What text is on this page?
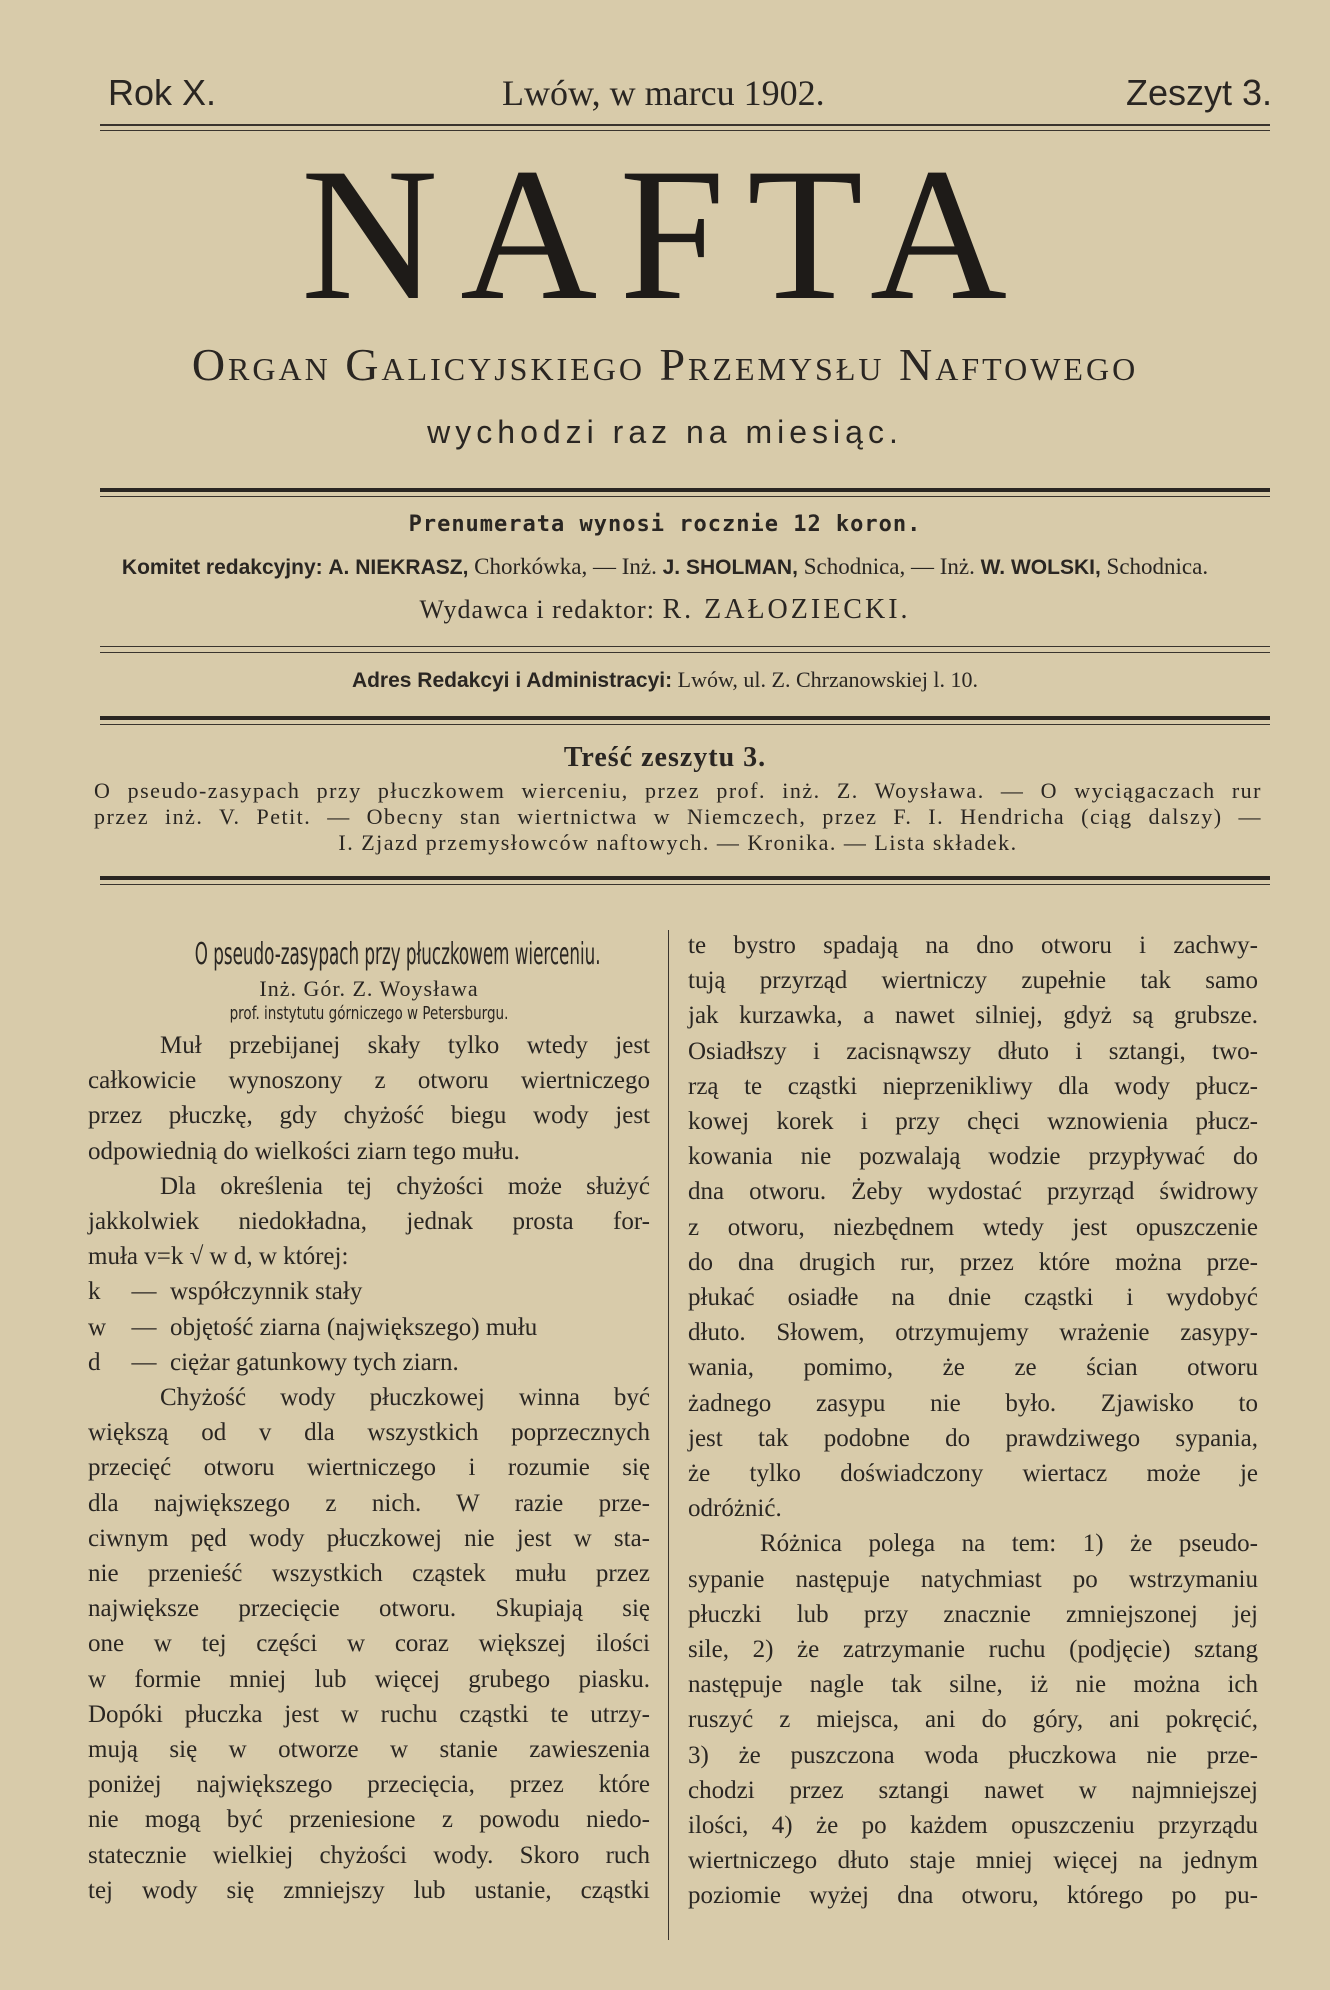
Rok X.	Lwów, w marcu 1902.	Zeszyt 3.
NAFTA
Organ Galicyjskiego Przemysłu Naftowego
wychodzi raz na miesiąc.
Prenumerata wynosi rocznie 12 koron.
Komitet redakcyjny: A. NIEKRASZ, Chorkówka, — Inż. J. SHOLMAN, Schodnica, — Inż. W. WOLSKI, Schodnica.
Wydawca i redaktor: R. ZAŁOZIECKI.
Adres Redakcyi i Administracyi: Lwów, ul. Z. Chrzanowskiej l. 10.
Treść zeszytu 3.
O pseudo-zasypach przy płuczkowem wierceniu, przez prof. inż. Z. Woysława. — O wyciągaczach rur
przez inż. V. Petit. — Obecny stan wiertnictwa w Niemczech, przez F. I. Hendricha (ciąg dalszy) —
I. Zjazd przemysłowców naftowych. — Kronika. — Lista składek.
O pseudo-zasypach przy płuczkowem wierceniu.
Inż. Gór. Z. Woysława
prof. instytutu górniczego w Petersburgu.
Muł przebijanej skały tylko wtedy jest
całkowicie wynoszony z otworu wiertniczego
przez płuczkę, gdy chyżość biegu wody jest
odpowiednią do wielkości ziarn tego mułu.
Dla określenia tej chyżości może służyć
jakkolwiek niedokładna, jednak prosta for-
muła v=k √ w d, w której:
k	— współczynnik stały
w	— objętość ziarna (największego) mułu
d	— ciężar gatunkowy tych ziarn.
Chyżość wody płuczkowej winna być
większą od v dla wszystkich poprzecznych
przecięć otworu wiertniczego i rozumie się
dla największego z nich. W razie prze-
ciwnym pęd wody płuczkowej nie jest w sta-
nie przenieść wszystkich cząstek mułu przez
największe przecięcie otworu. Skupiają się
one w tej części w coraz większej ilości
w formie mniej lub więcej grubego piasku.
Dopóki płuczka jest w ruchu cząstki te utrzy-
mują się w otworze w stanie zawieszenia
poniżej największego przecięcia, przez które
nie mogą być przeniesione z powodu niedo-
statecznie wielkiej chyżości wody. Skoro ruch
tej wody się zmniejszy lub ustanie, cząstki
te bystro spadają na dno otworu i zachwy-
tują przyrząd wiertniczy zupełnie tak samo
jak kurzawka, a nawet silniej, gdyż są grubsze.
Osiadłszy i zacisnąwszy dłuto i sztangi, two-
rzą te cząstki nieprzenikliwy dla wody płucz-
kowej korek i przy chęci wznowienia płucz-
kowania nie pozwalają wodzie przypływać do
dna otworu. Żeby wydostać przyrząd świdrowy
z otworu, niezbędnem wtedy jest opuszczenie
do dna drugich rur, przez które można prze-
płukać osiadłe na dnie cząstki i wydobyć
dłuto. Słowem, otrzymujemy wrażenie zasypy-
wania, pomimo, że ze ścian otworu
żadnego zasypu nie było. Zjawisko to
jest tak podobne do prawdziwego sypania,
że tylko doświadczony wiertacz może je
odróżnić.
Różnica polega na tem: 1) że pseudo-
sypanie następuje natychmiast po wstrzymaniu
płuczki lub przy znacznie zmniejszonej jej
sile, 2) że zatrzymanie ruchu (podjęcie) sztang
następuje nagle tak silne, iż nie można ich
ruszyć z miejsca, ani do góry, ani pokręcić,
3) że puszczona woda płuczkowa nie prze-
chodzi przez sztangi nawet w najmniejszej
ilości, 4) że po każdem opuszczeniu przyrządu
wiertniczego dłuto staje mniej więcej na jednym
poziomie wyżej dna otworu, którego po pu-
